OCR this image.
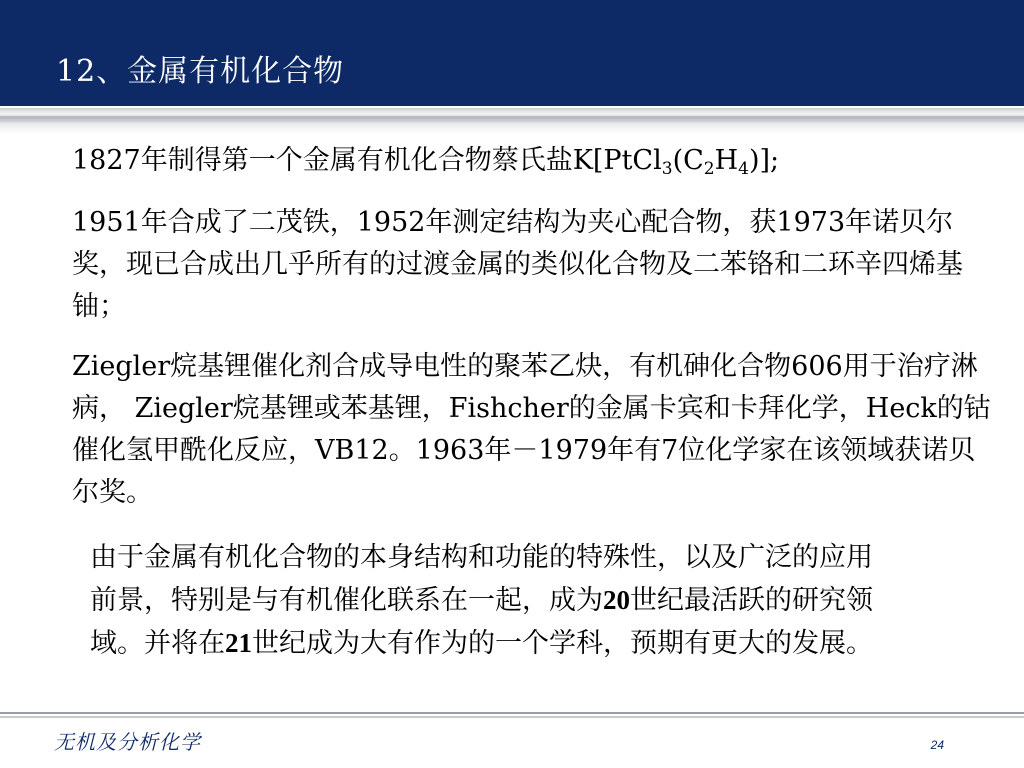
12、金属有机化合物

1827年制得第一个金属有机化合物蔡氏盐$K[PtCl_3(C_2H_4)]$;

1951年合成了二茂铁，1952年测定结构为夹心配合物，获1973年诺贝尔奖，现已合成出几乎所有的过渡金属的类似化合物及二苯铬和二环辛四烯基铀；

Ziegler烷基锂催化剂合成导电性的聚苯乙炔，有机砷化合物606用于治疗淋病， Ziegler烷基锂或苯基锂，Fishcher的金属卡宾和卡拜化学，Heck的钴催化氢甲酰化反应，VB12。1963年－1979年有7位化学家在该领域获诺贝尔奖。

由于金属有机化合物的本身结构和功能的特殊性，以及广泛的应用前景，特别是与有机催化联系在一起，成为20世纪最活跃的研究领域。并将在21世纪成为大有作为的一个学科，预期有更大的发展。
无机及分析化学	24
